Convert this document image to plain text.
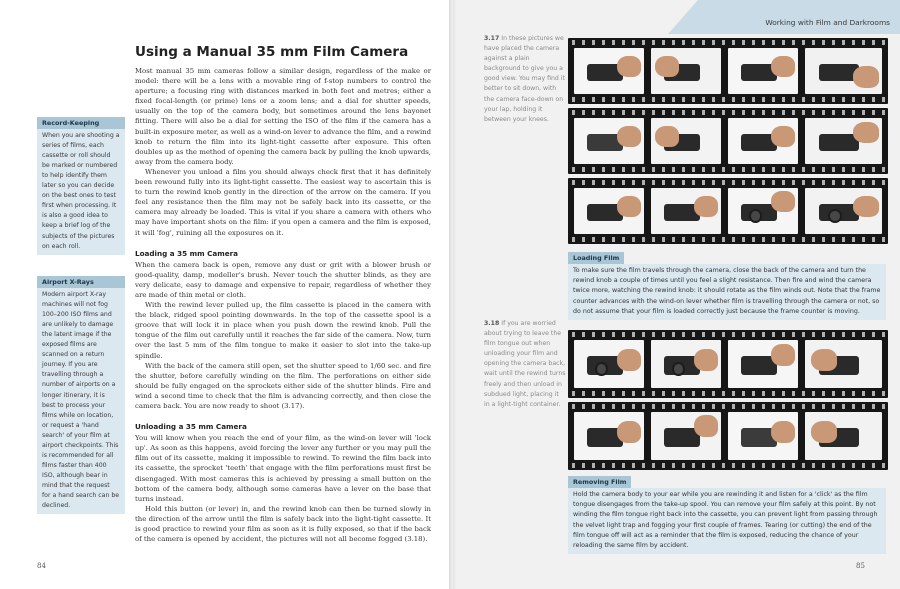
Working with Film and Darkrooms
Using a Manual 35 mm Film Camera

Most manual 35 mm cameras follow a similar design, regardless of the make or model: there will be a lens with a movable ring of f-stop numbers to control the aperture; a focusing ring with distances marked in both feet and metres; either a fixed focal-length (or prime) lens or a zoom lens; and a dial for shutter speeds, usually on the top of the camera body, but sometimes around the lens bayonet fitting. There will also be a dial for setting the ISO of the film if the camera has a built-in exposure meter, as well as a wind-on lever to advance the film, and a rewind knob to return the film into its light-tight cassette after exposure. This often doubles up as the method of opening the camera back by pulling the knob upwards, away from the camera body.

Whenever you unload a film you should always check first that it has definitely been rewound fully into its light-tight cassette. The easiest way to ascertain this is to turn the rewind knob gently in the direction of the arrow on the camera. If you feel any resistance then the film may not be safely back into its cassette, or the camera may already be loaded. This is vital if you share a camera with others who may have important shots on the film: if you open a camera and the film is exposed, it will 'fog', ruining all the exposures on it.

Loading a 35 mm Camera

When the camera back is open, remove any dust or grit with a blower brush or good-quality, damp, modeller's brush. Never touch the shutter blinds, as they are very delicate, easy to damage and expensive to repair, regardless of whether they are made of thin metal or cloth.

With the rewind lever pulled up, the film cassette is placed in the camera with the black, ridged spool pointing downwards. In the top of the cassette spool is a groove that will lock it in place when you push down the rewind knob. Pull the tongue of the film out carefully until it reaches the far side of the camera. Now, turn over the last 5 mm of the film tongue to make it easier to slot into the take-up spindle.

With the back of the camera still open, set the shutter speed to 1/60 sec. and fire the shutter, before carefully winding on the film. The perforations on either side should be fully engaged on the sprockets either side of the shutter blinds. Fire and wind a second time to check that the film is advancing correctly, and then close the camera back. You are now ready to shoot (3.17).

Unloading a 35 mm Camera

You will know when you reach the end of your film, as the wind-on lever will 'lock up'. As soon as this happens, avoid forcing the lever any further or you may pull the film out of its cassette, making it impossible to rewind. To rewind the film back into its cassette, the sprocket 'teeth' that engage with the film perforations must first be disengaged. With most cameras this is achieved by pressing a small button on the bottom of the camera body, although some cameras have a lever on the base that turns instead.

Hold this button (or lever) in, and the rewind knob can then be turned slowly in the direction of the arrow until the film is safely back into the light-tight cassette. It is good practice to rewind your film as soon as it is fully exposed, so that if the back of the camera is opened by accident, the pictures will not all become fogged (3.18).

Record-Keeping
When you are shooting a series of films, each cassette or roll should be marked or numbered to help identify them later so you can decide on the best ones to test first when processing. It is also a good idea to keep a brief log of the subjects of the pictures on each roll.
Airport X-Rays
Modern airport X-ray machines will not fog 100–200 ISO films and are unlikely to damage the latent image if the exposed films are scanned on a return journey. If you are travelling through a number of airports on a longer itinerary, it is best to process your films while on location, or request a 'hand search' of your film at airport checkpoints. This is recommended for all films faster than 400 ISO, although bear in mind that the request for a hand search can be declined.
84
3.17 In these pictures we have placed the camera against a plain background to give you a good view. You may find it better to sit down, with the camera face-down on your lap, holding it between your knees.
Loading Film
To make sure the film travels through the camera, close the back of the camera and turn the rewind knob a couple of times until you feel a slight resistance. Then fire and wind the camera twice more, watching the rewind knob: it should rotate as the film winds out. Note that the frame counter advances with the wind-on lever whether film is travelling through the camera or not, so do not assume that your film is loaded correctly just because the frame counter is moving.
3.18 If you are worried about trying to leave the film tongue out when unloading your film and opening the camera back, wait until the rewind turns freely and then unload in subdued light, placing it in a light-tight container.
Removing Film
Hold the camera body to your ear while you are rewinding it and listen for a 'click' as the film tongue disengages from the take-up spool. You can remove your film safely at this point. By not winding the film tongue right back into the cassette, you can prevent light from passing through the velvet light trap and fogging your first couple of frames. Tearing (or cutting) the end of the film tongue off will act as a reminder that the film is exposed, reducing the chance of your reloading the same film by accident.
85
